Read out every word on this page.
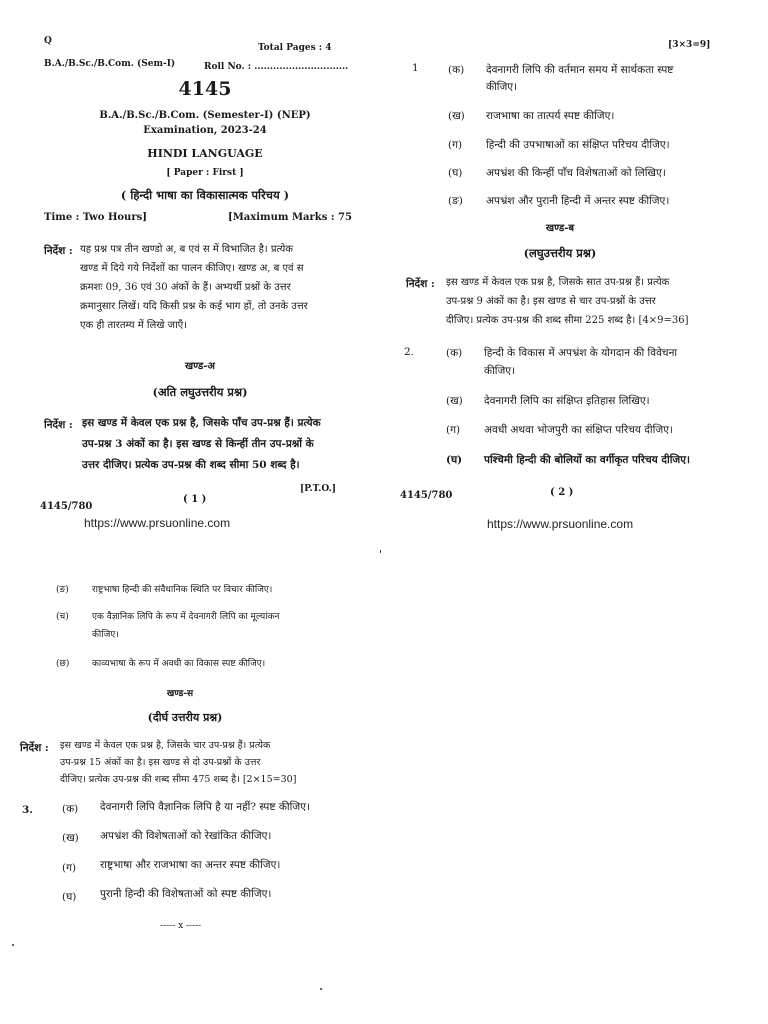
Q
Total Pages : 4
B.A./B.Sc./B.Com. (Sem-I)	Roll No. : ..............................
4145
B.A./B.Sc./B.Com. (Semester-I) (NEP)
Examination, 2023-24
HINDI LANGUAGE
[ Paper : First ]
( हिन्दी भाषा का विकासात्मक परिचय )
Time : Two Hours]	[Maximum Marks : 75
निर्देश : यह प्रश्न पत्र तीन खण्डो अ, ब एवं स में विभाजित है। प्रत्येक
खण्ड में दिये गये निर्देशों का पालन कीजिए। खण्ड अ, ब एवं स
क्रमशः 09, 36 एवं 30 अंकों के हैं। अभ्यर्थी प्रश्नों के उत्तर
क्रमानुसार लिखें। यदि किसी प्रश्न के कई भाग हों, तो उनके उत्तर
एक ही तारतम्य में लिखे जाएँ।
खण्ड-अ
(अति लघुउत्तरीय प्रश्न)
निर्देश : इस खण्ड में केवल एक प्रश्न है, जिसके पाँच उप-प्रश्न हैं। प्रत्येक
उप-प्रश्न 3 अंकों का है। इस खण्ड से किन्हीं तीन उप-प्रश्नों के
उत्तर दीजिए। प्रत्येक उप-प्रश्न की शब्द सीमा 50 शब्द है।
[P.T.O.]
( 1 )
4145/780
https://www.prsuonline.com
[3×3=9]
1	(क) देवनागरी लिपि की वर्तमान समय में सार्थकता स्पष्ट
कीजिए।
(ख) राजभाषा का तात्पर्य स्पष्ट कीजिए।
(ग) हिन्दी की उपभाषाओं का संक्षिप्त परिचय दीजिए।
(घ) अपभ्रंश की किन्हीं पाँच विशेषताओं को लिखिए।
(ङ) अपभ्रंश और पुरानी हिन्दी में अन्तर स्पष्ट कीजिए।
खण्ड-ब
(लघुउत्तरीय प्रश्न)
निर्देश : इस खण्ड में केवल एक प्रश्न है, जिसके सात उप-प्रश्न हैं। प्रत्येक
उप-प्रश्न 9 अंकों का है। इस खण्ड से चार उप-प्रश्नों के उत्तर
दीजिए। प्रत्येक उप-प्रश्न की शब्द सीमा 225 शब्द है। [4×9=36]
2.	(क) हिन्दी के विकास में अपभ्रंश के योगदान की विवेचना
कीजिए।
(ख) देवनागरी लिपि का संक्षिप्त इतिहास लिखिए।
(ग) अवधी अथवा भोजपुरी का संक्षिप्त परिचय दीजिए।
(घ) पश्चिमी हिन्दी की बोलियों का वर्गीकृत परिचय दीजिए।
4145/780	( 2 )
https://www.prsuonline.com
(ङ)	राष्ट्रभाषा हिन्दी की संवैधानिक स्थिति पर विचार कीजिए।
(च)	एक वैज्ञानिक लिपि के रूप में देवनागरी लिपि का मूल्यांकन
कीजिए।
(छ)	काव्यभाषा के रूप में अवधी का विकास स्पष्ट कीजिए।
खण्ड-स
(दीर्घ उत्तरीय प्रश्न)
निर्देश : इस खण्ड में केवल एक प्रश्न है, जिसके चार उप-प्रश्न हैं। प्रत्येक
उप-प्रश्न 15 अंकों का है। इस खण्ड से दो उप-प्रश्नों के उत्तर
दीजिए। प्रत्येक उप-प्रश्न की शब्द सीमा 475 शब्द है। [2×15=30]
3.	(क) देवनागरी लिपि वैज्ञानिक लिपि है या नहीं? स्पष्ट कीजिए।
(ख) अपभ्रंश की विशेषताओं को रेखांकित कीजिए।
(ग) राष्ट्रभाषा और राजभाषा का अन्तर स्पष्ट कीजिए।
(घ) पुरानी हिन्दी की विशेषताओं को स्पष्ट कीजिए।
----- x -----
